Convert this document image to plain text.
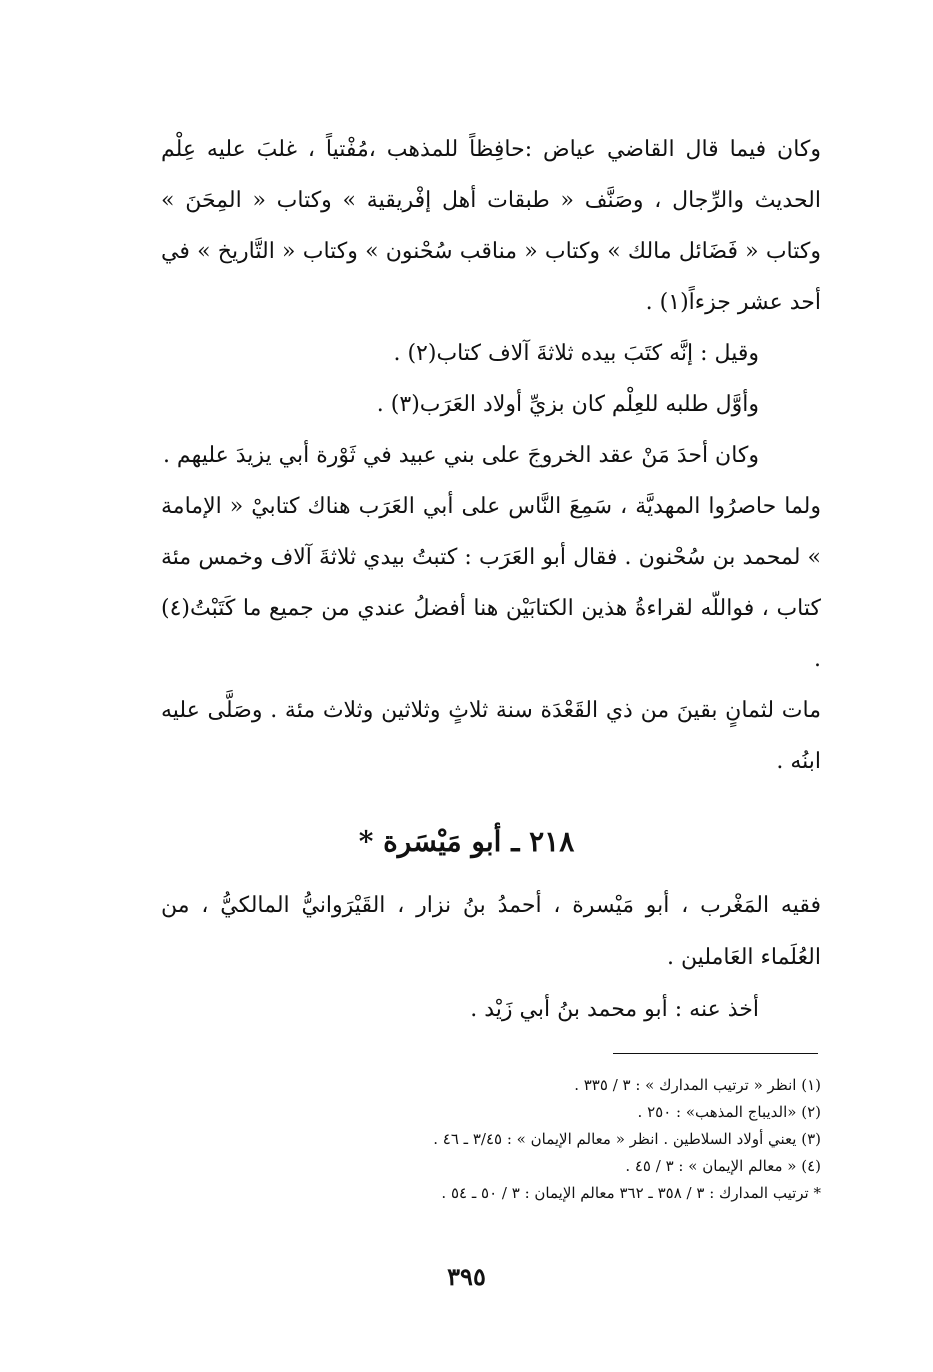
وكان فيما قال القاضي عياض :حافِظاً للمذهب ،مُفْتياً ، غلبَ عليه عِلْم الحديث والرِّجال ، وصَنَّف « طبقات أهل إفْريقية » وكتاب « المِحَنَ » وكتاب « فَضَائل مالك » وكتاب « مناقب سُحْنون » وكتاب « التَّاريخ » في أحد عشر جزءاً(١) .

وقيل : إنَّه كتَبَ بيده ثلاثةَ آلاف كتاب(٢) .

وأوَّل طلبه للعِلْم كان بزيِّ أولاد العَرَب(٣) .

وكان أحدَ مَنْ عقد الخروجَ على بني عبيد في ثَوْرة أبي يزيدَ عليهم .

ولما حاصرُوا المهديَّة ، سَمِعَ النَّاس على أبي العَرَب هناك كتابيْ « الإمامة » لمحمد بن سُحْنون . فقال أبو العَرَب : كتبتُ بيدي ثلاثةَ آلاف وخمس مئة كتاب ، فواللّه لقراءةُ هذين الكتابَيْن هنا أفضلُ عندي من جميع ما كَتَبْتُ(٤) .

مات لثمانٍ بقينَ من ذي القَعْدَة سنة ثلاثٍ وثلاثين وثلاث مئة . وصَلَّى عليه ابنُه .

٢١٨ ـ أبو مَيْسَرة *

فقيه المَغْرب ، أبو مَيْسرة ، أحمدُ بنُ نزار ، القَيْرَوانيُّ المالكيُّ ، من العُلَماء العَاملين .

أخذ عنه : أبو محمد بنُ أبي زَيْد .

(١) انظر « ترتيب المدارك » : ٣ / ٣٣٥ .
(٢) «الديباج المذهب» : ٢٥٠ .
(٣) يعني أولاد السلاطين . انظر « معالم الإيمان » : ٣/٤٥ ـ ٤٦ .
(٤) « معالم الإيمان » : ٣ / ٤٥ .
* ترتيب المدارك : ٣ / ٣٥٨ ـ ٣٦٢ معالم الإيمان : ٣ / ٥٠ ـ ٥٤ .
٣٩٥
